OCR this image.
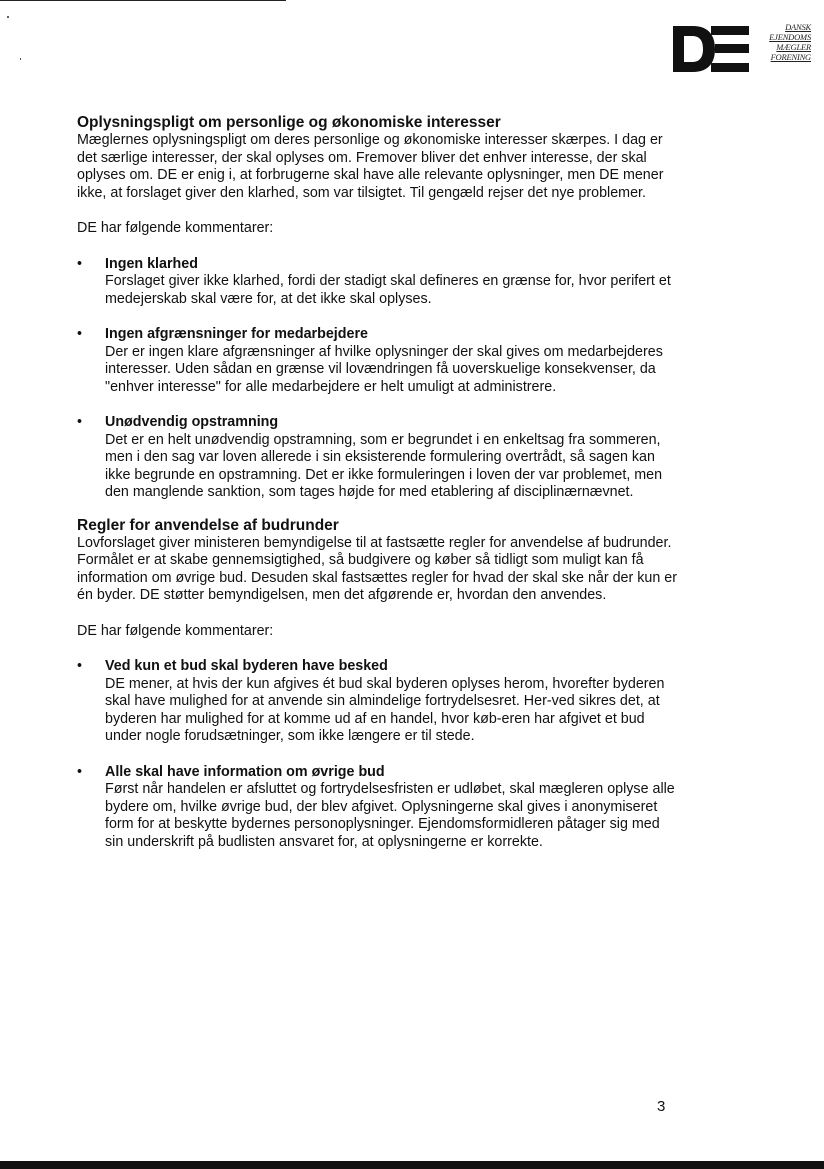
DANSK
EJENDOMS
MÆGLER
FORENING
Oplysningspligt om personlige og økonomiske interesser

Mæglernes oplysningspligt om deres personlige og økonomiske interesser skærpes. I dag er det særlige interesser, der skal oplyses om. Fremover bliver det enhver interesse, der skal oplyses om. DE er enig i, at forbrugerne skal have alle relevante oplysninger, men DE mener ikke, at forslaget giver den klarhed, som var tilsigtet. Til gengæld rejser det nye problemer.

DE har følgende kommentarer:

• Ingen klarhed

Forslaget giver ikke klarhed, fordi der stadigt skal defineres en grænse for, hvor perifert et medejerskab skal være for, at det ikke skal oplyses.

• Ingen afgrænsninger for medarbejdere

Der er ingen klare afgrænsninger af hvilke oplysninger der skal gives om medarbejderes interesser. Uden sådan en grænse vil lovændringen få uoverskuelige konsekvenser, da "enhver interesse" for alle medarbejdere er helt umuligt at administrere.

• Unødvendig opstramning

Det er en helt unødvendig opstramning, som er begrundet i en enkeltsag fra sommeren, men i den sag var loven allerede i sin eksisterende formulering overtrådt, så sagen kan ikke begrunde en opstramning. Det er ikke formuleringen i loven der var problemet, men den manglende sanktion, som tages højde for med etablering af disciplinærnævnet.

Regler for anvendelse af budrunder

Lovforslaget giver ministeren bemyndigelse til at fastsætte regler for anvendelse af budrunder. Formålet er at skabe gennemsigtighed, så budgivere og køber så tidligt som muligt kan få information om øvrige bud. Desuden skal fastsættes regler for hvad der skal ske når der kun er én byder. DE støtter bemyndigelsen, men det afgørende er, hvordan den anvendes.

DE har følgende kommentarer:

• Ved kun et bud skal byderen have besked

DE mener, at hvis der kun afgives ét bud skal byderen oplyses herom, hvorefter byderen skal have mulighed for at anvende sin almindelige fortrydelsesret. Her-ved sikres det, at byderen har mulighed for at komme ud af en handel, hvor køb-eren har afgivet et bud under nogle forudsætninger, som ikke længere er til stede.

• Alle skal have information om øvrige bud

Først når handelen er afsluttet og fortrydelsesfristen er udløbet, skal mægleren oplyse alle bydere om, hvilke øvrige bud, der blev afgivet. Oplysningerne skal gives i anonymiseret form for at beskytte bydernes personoplysninger. Ejendomsformidleren påtager sig med sin underskrift på budlisten ansvaret for, at oplysningerne er korrekte.

3
